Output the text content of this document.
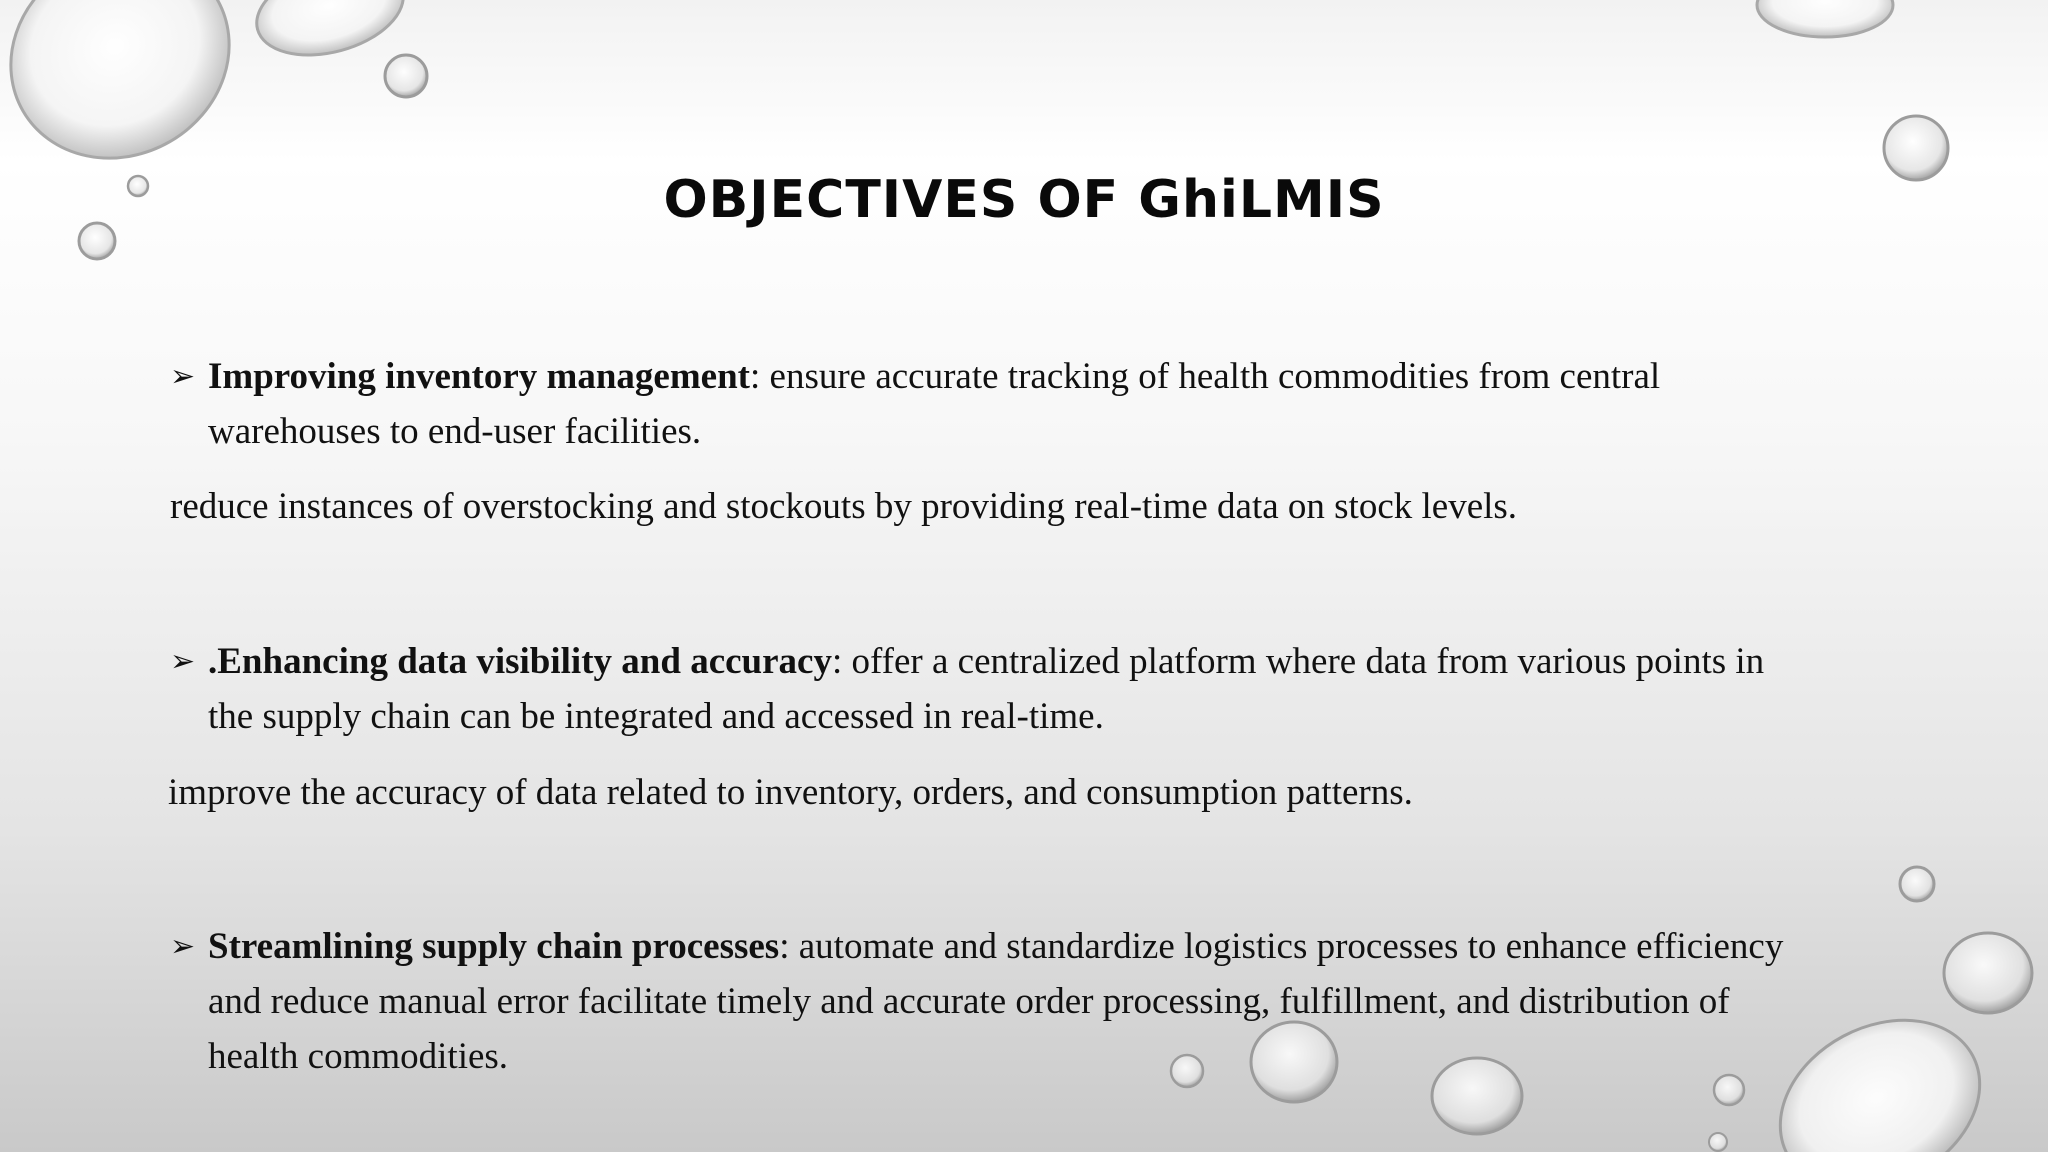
OBJECTIVES OF GhiLMIS
➢ Improving inventory management: ensure accurate tracking of health commodities from central
warehouses to end-user facilities.
reduce instances of overstocking and stockouts by providing real-time data on stock levels.
➢ .Enhancing data visibility and accuracy: offer a centralized platform where data from various points in
the supply chain can be integrated and accessed in real-time.
improve the accuracy of data related to inventory, orders, and consumption patterns.
➢ Streamlining supply chain processes: automate and standardize logistics processes to enhance efficiency
and reduce manual error facilitate timely and accurate order processing, fulfillment, and distribution of
health commodities.
